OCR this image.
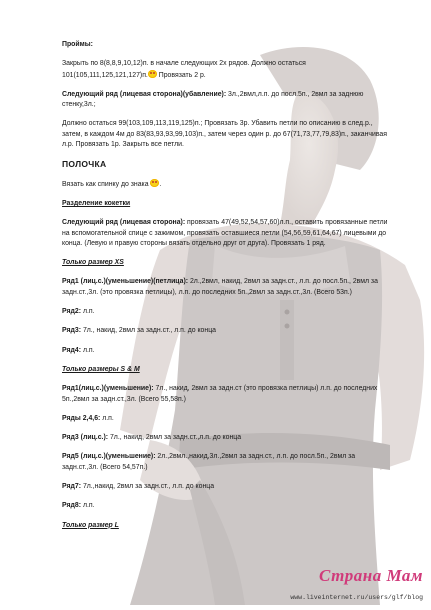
Проймы:

Закрыть по 8(8,8,9,10,12)п. в начале следующих 2х рядов. Должно остаться 101(105,111,125,121,127)п. Провязать 2 р.

Следующий ряд (лицевая сторона)(убавление): 3л.,2вмл,л.п. до посл.5п., 2вмл за заднюю стенку,3л.;

Должно остаться 99(103,109,113,119,125)п.; Провязать 3р. Убавить петли по описанию в след.р., затем, в каждом 4м до 83(83,93,93,99,103)п., затем через один р. до 67(71,73,77,79,83)п., заканчивая л.р. Провязать 1р. Закрыть все петли.

ПОЛОЧКА

Вязать как спинку до знака .

Разделение кокетки

Следующий ряд (лицевая сторона): провязать 47(49,52,54,57,60)л.п., оставить провязанные петли на вспомогательной спице с зажимом, провязать оставшиеся петли (54,56,59,61,64,67) лицевыми до конца. (Левую и правую стороны вязать отдельно друг от друга). Провязать 1 ряд.

Только размер XS

Ряд1 (лиц.с.)(уменьшение)(петлица): 2л.,2вмл, накид, 2вмл за задн.ст., л.п. до посл.5п., 2вмл за задн.ст.,3л. (это провязка петлицы), л.п. до последних 5п.,2вмл за задн.ст.,3л. (Всего 53п.)

Ряд2: л.п.

Ряд3: 7л., накид, 2вмл за задн.ст., л.п. до конца

Ряд4: л.п.

Только размеры S & M

Ряд1(лиц.с.)(уменьшение): 7л., накид, 2вмл за задн.ст (это провязка петлицы) л.п. до последних 5п.,2вмл за задн.ст.,3л. (Всего 55,58п.)

Ряды 2,4,6: л.п.

Ряд3 (лиц.с.): 7л., накид, 2вмл за задн.ст.,л.п. до конца

Ряд5 (лиц.с.)(уменьшение): 2л.,2вмл.,накид,3л.,2вмл за задн.ст., л.п. до посл.5п., 2вмл за задн.ст.,3л. (Всего 54,57п.)

Ряд7: 7л.,накид, 2вмл за задн.ст., л.п. до конца

Ряд8: л.п.

Только размер L

Страна Мам
www.liveinternet.ru/users/glf/blog
